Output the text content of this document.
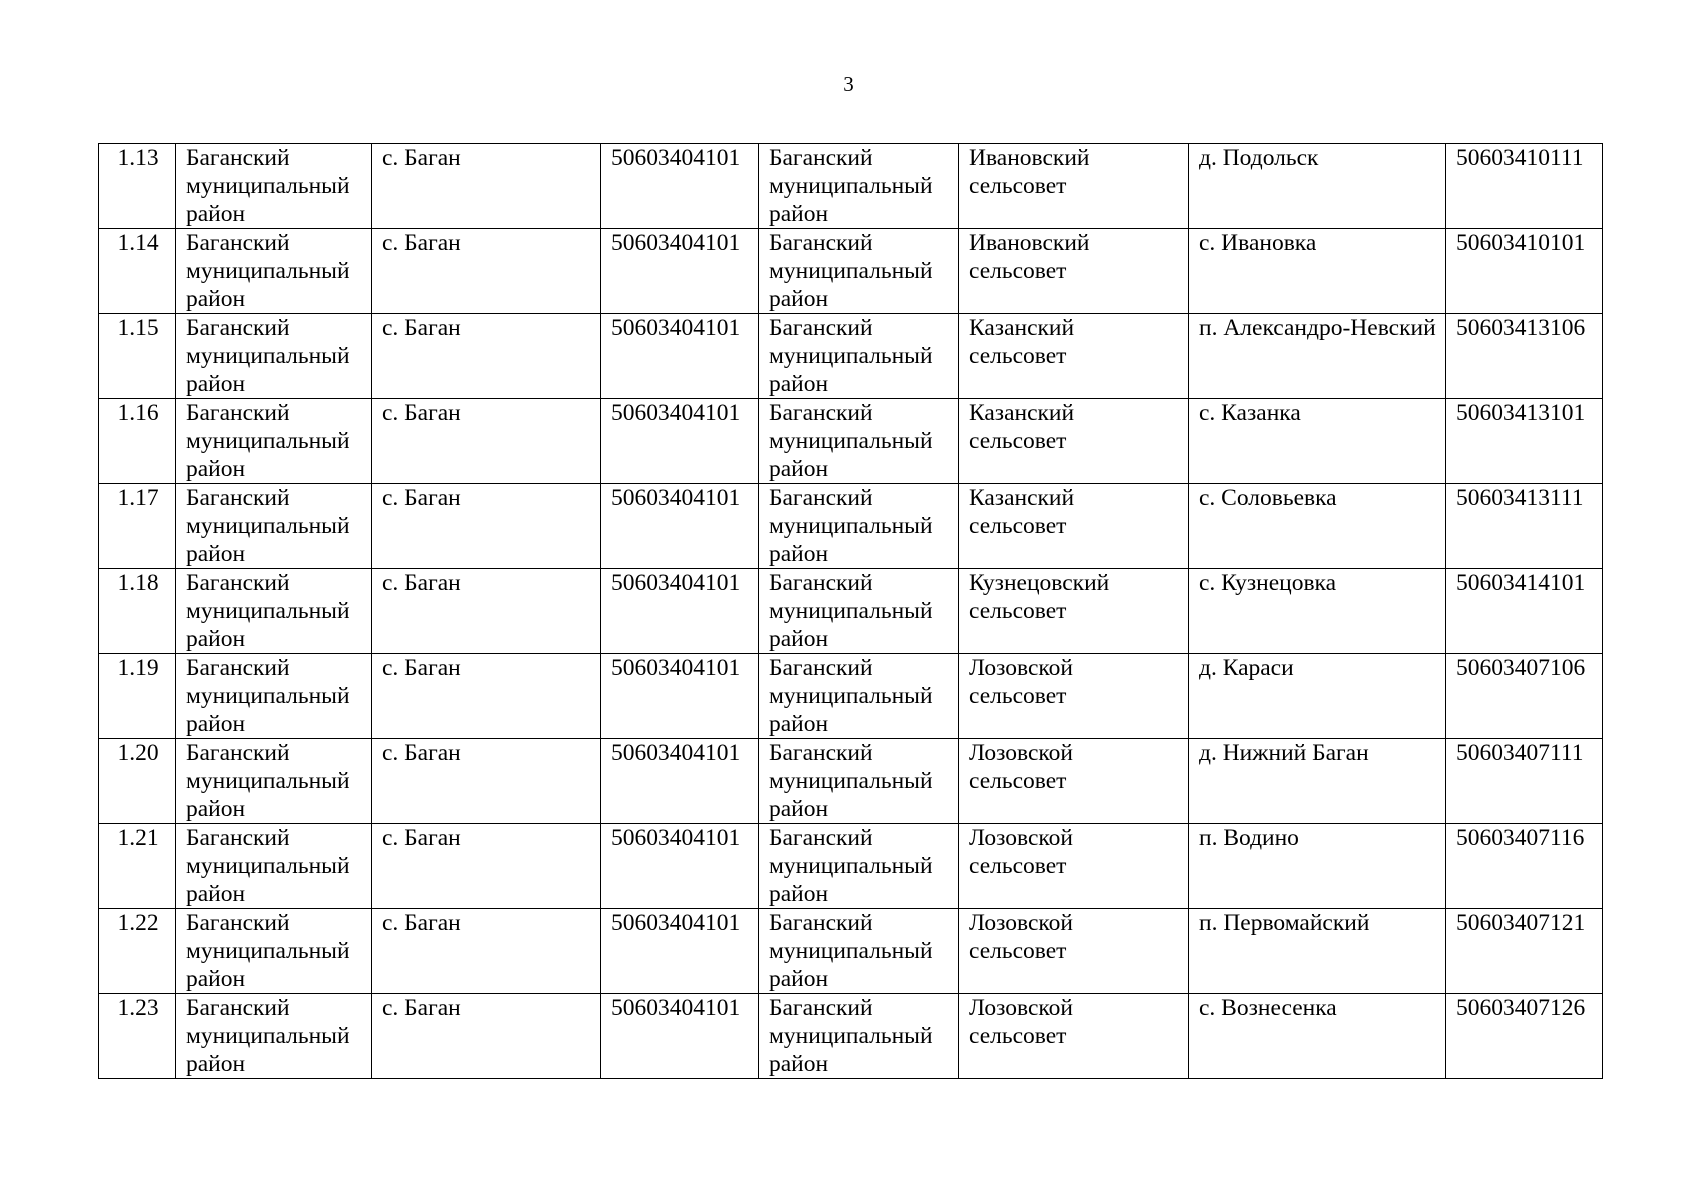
3
1.13	Баганский
муниципальный
район	с. Баган	50603404101	Баганский
муниципальный
район	Ивановский
сельсовет	д. Подольск	50603410111
1.14	Баганский
муниципальный
район	с. Баган	50603404101	Баганский
муниципальный
район	Ивановский
сельсовет	с. Ивановка	50603410101
1.15	Баганский
муниципальный
район	с. Баган	50603404101	Баганский
муниципальный
район	Казанский
сельсовет	п. Александро-Невский	50603413106
1.16	Баганский
муниципальный
район	с. Баган	50603404101	Баганский
муниципальный
район	Казанский
сельсовет	с. Казанка	50603413101
1.17	Баганский
муниципальный
район	с. Баган	50603404101	Баганский
муниципальный
район	Казанский
сельсовет	с. Соловьевка	50603413111
1.18	Баганский
муниципальный
район	с. Баган	50603404101	Баганский
муниципальный
район	Кузнецовский
сельсовет	с. Кузнецовка	50603414101
1.19	Баганский
муниципальный
район	с. Баган	50603404101	Баганский
муниципальный
район	Лозовской
сельсовет	д. Караси	50603407106
1.20	Баганский
муниципальный
район	с. Баган	50603404101	Баганский
муниципальный
район	Лозовской
сельсовет	д. Нижний Баган	50603407111
1.21	Баганский
муниципальный
район	с. Баган	50603404101	Баганский
муниципальный
район	Лозовской
сельсовет	п. Водино	50603407116
1.22	Баганский
муниципальный
район	с. Баган	50603404101	Баганский
муниципальный
район	Лозовской
сельсовет	п. Первомайский	50603407121
1.23	Баганский
муниципальный
район	с. Баган	50603404101	Баганский
муниципальный
район	Лозовской
сельсовет	с. Вознесенка	50603407126
